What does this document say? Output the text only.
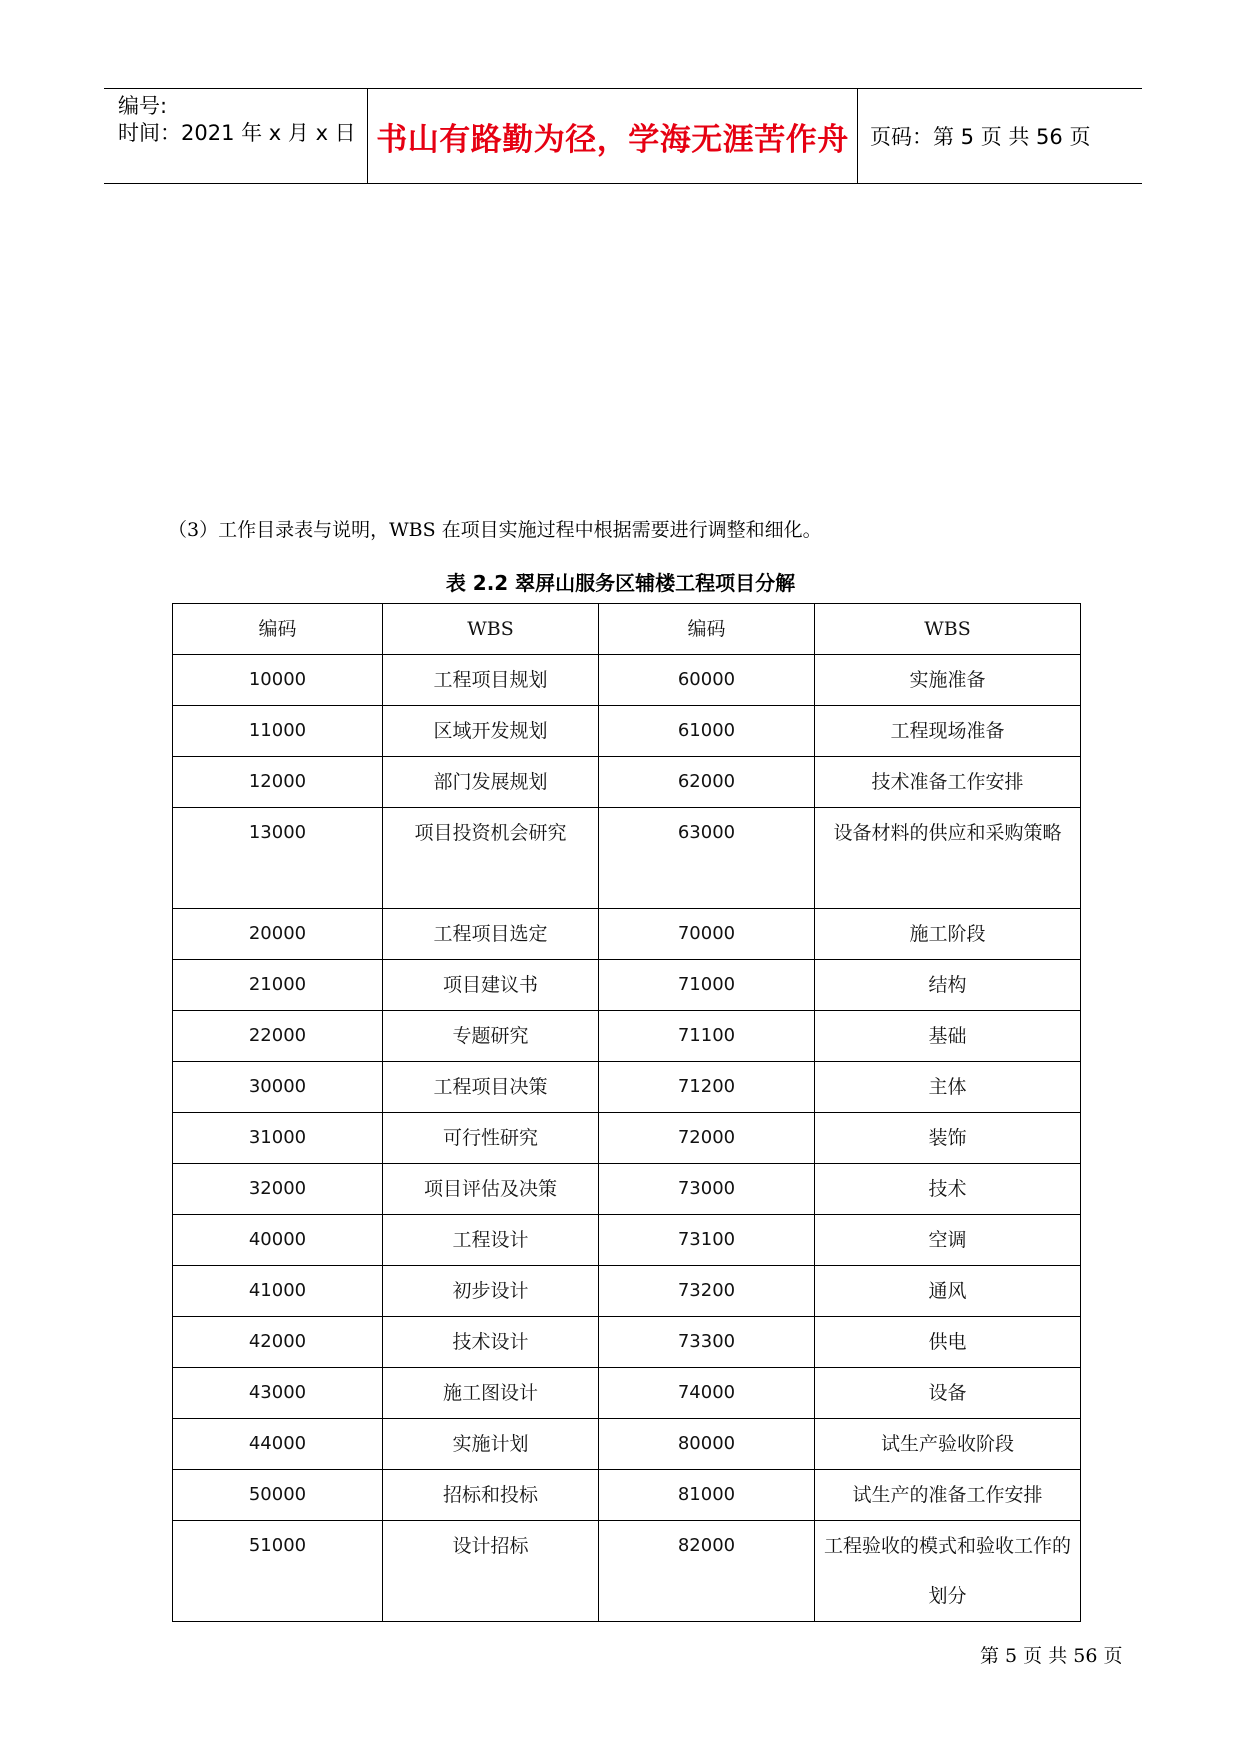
编号:
时间：2021 年 x 月 x 日 书山有路勤为径，学海无涯苦作舟	页码：第 5 页 共 56 页
（3）工作目录表与说明，WBS 在项目实施过程中根据需要进行调整和细化。
表 2.2 翠屏山服务区辅楼工程项目分解
编码	WBS	编码	WBS
10000	工程项目规划	60000	实施准备
11000	区域开发规划	61000	工程现场准备
12000	部门发展规划	62000	技术准备工作安排
13000	项目投资机会研究	63000	设备材料的供应和采购策略
20000	工程项目选定	70000	施工阶段
21000	项目建议书	71000	结构
22000	专题研究	71100	基础
30000	工程项目决策	71200	主体
31000	可行性研究	72000	装饰
32000	项目评估及决策	73000	技术
40000	工程设计	73100	空调
41000	初步设计	73200	通风
42000	技术设计	73300	供电
43000	施工图设计	74000	设备
44000	实施计划	80000	试生产验收阶段
50000	招标和投标	81000	试生产的准备工作安排
51000	设计招标	82000	工程验收的模式和验收工作的划分
第 5 页 共 56 页
